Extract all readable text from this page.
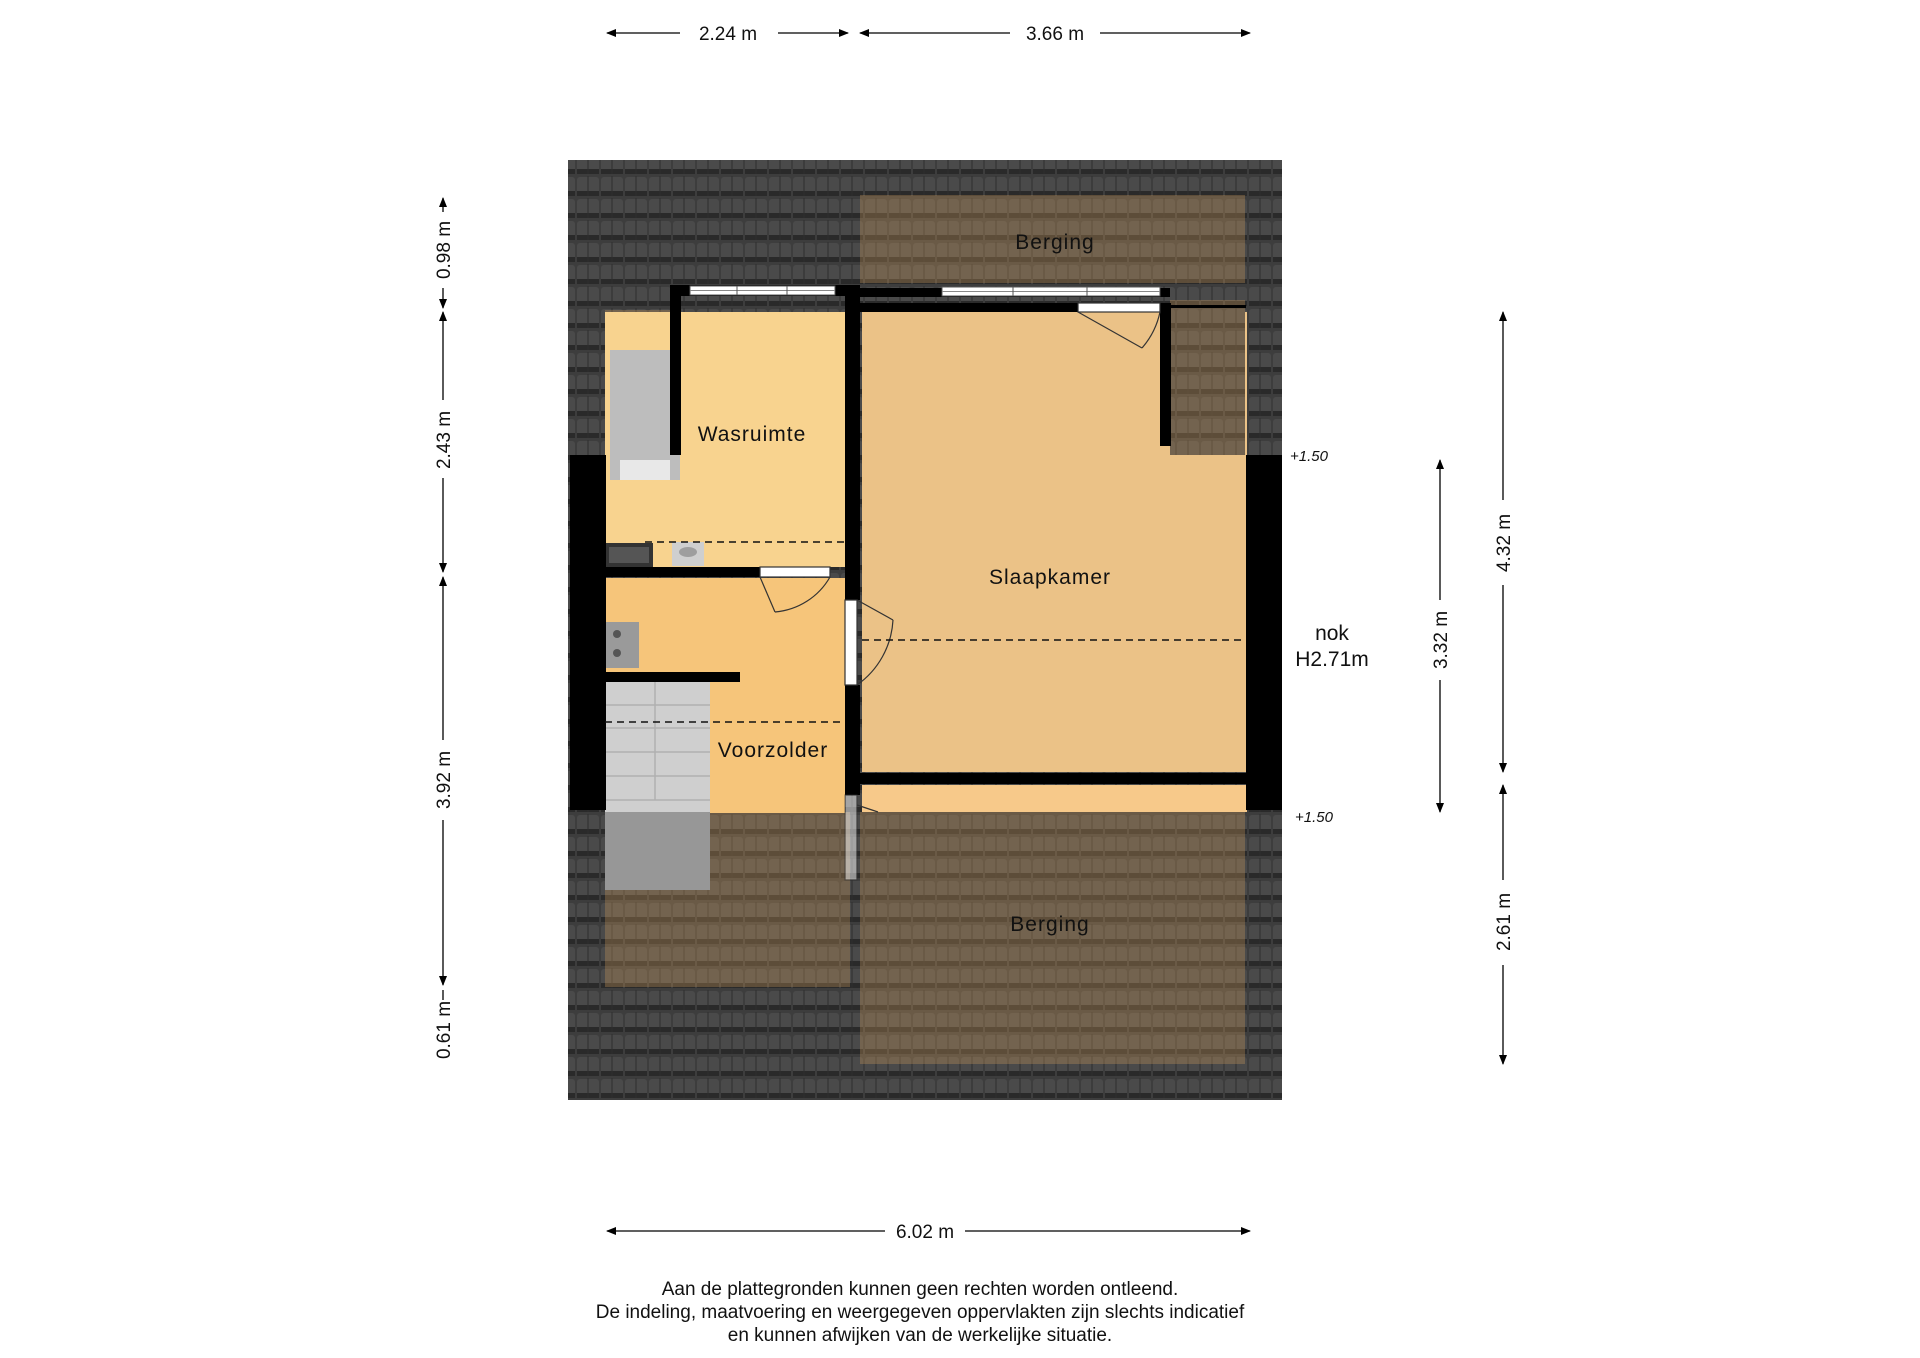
Berging
Wasruimte
Slaapkamer
Voorzolder
Berging
+1.50
+1.50
nok
H2.71m
2.24 m	3.66 m
6.02 m
0.98 m
2.43 m
3.92 m
0.61 m
3.32 m
4.32 m
2.61 m
Aan de plattegronden kunnen geen rechten worden ontleend.
De indeling, maatvoering en weergegeven oppervlakten zijn slechts indicatief
en kunnen afwijken van de werkelijke situatie.
